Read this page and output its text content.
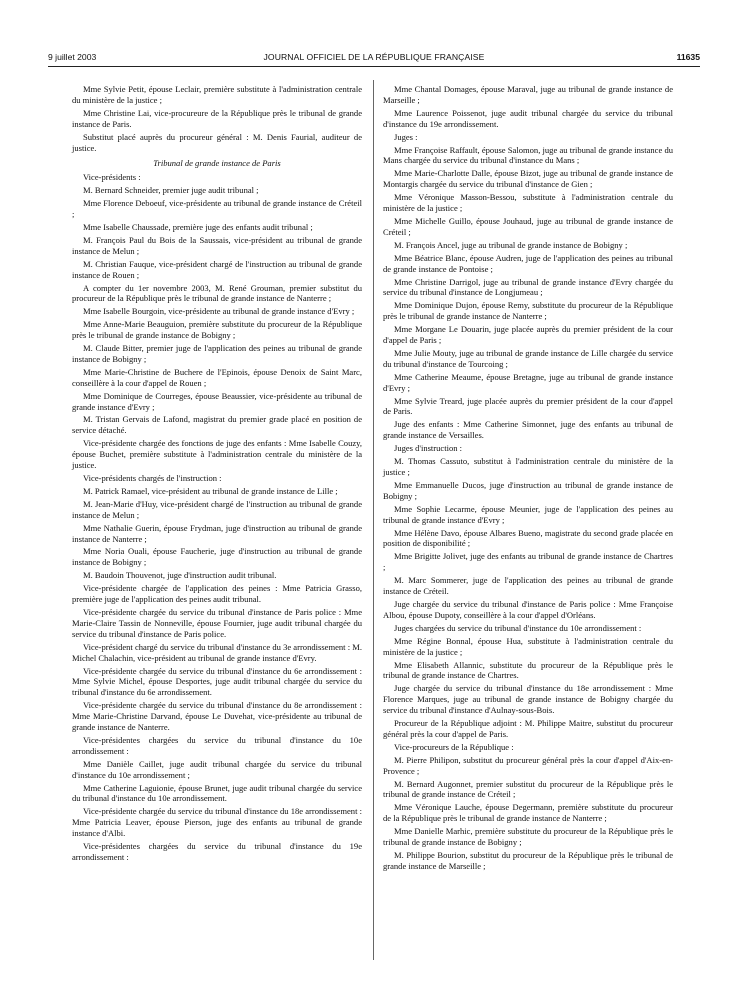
9 juillet 2003	JOURNAL OFFICIEL DE LA RÉPUBLIQUE FRANÇAISE	11635

Mme Sylvie Petit, épouse Leclair, première substitute à l'administration centrale du ministère de la justice ;

Mme Christine Lai, vice-procureure de la République près le tribunal de grande instance de Paris.

Substitut placé auprès du procureur général : M. Denis Faurial, auditeur de justice.

Tribunal de grande instance de Paris

Vice-présidents :

M. Bernard Schneider, premier juge audit tribunal ;

Mme Florence Deboeuf, vice-présidente au tribunal de grande instance de Créteil ;

Mme Isabelle Chaussade, première juge des enfants audit tribunal ;

M. François Paul du Bois de la Saussais, vice-président au tribunal de grande instance de Melun ;

M. Christian Fauque, vice-président chargé de l'instruction au tribunal de grande instance de Rouen ;

A compter du 1er novembre 2003, M. René Grouman, premier substitut du procureur de la République près le tribunal de grande instance de Nanterre ;

Mme Isabelle Bourgoin, vice-présidente au tribunal de grande instance d'Evry ;

Mme Anne-Marie Beauguion, première substitute du procureur de la République près le tribunal de grande instance de Bobigny ;

M. Claude Bitter, premier juge de l'application des peines au tribunal de grande instance de Bobigny ;

Mme Marie-Christine de Buchere de l'Epinois, épouse Denoix de Saint Marc, conseillère à la cour d'appel de Rouen ;

Mme Dominique de Courreges, épouse Beaussier, vice-présidente au tribunal de grande instance d'Evry ;

M. Tristan Gervais de Lafond, magistrat du premier grade placé en position de service détaché.

Vice-présidente chargée des fonctions de juge des enfants : Mme Isabelle Couzy, épouse Buchet, première substitute à l'administration centrale du ministère de la justice.

Vice-présidents chargés de l'instruction :

M. Patrick Ramael, vice-président au tribunal de grande instance de Lille ;

M. Jean-Marie d'Huy, vice-président chargé de l'instruction au tribunal de grande instance de Melun ;

Mme Nathalie Guerin, épouse Frydman, juge d'instruction au tribunal de grande instance de Nanterre ;

Mme Noria Ouali, épouse Faucherie, juge d'instruction au tribunal de grande instance de Bobigny ;

M. Baudoin Thouvenot, juge d'instruction audit tribunal.

Vice-présidente chargée de l'application des peines : Mme Patricia Grasso, première juge de l'application des peines audit tribunal.

Vice-présidente chargée du service du tribunal d'instance de Paris police : Mme Marie-Claire Tassin de Nonneville, épouse Fournier, juge audit tribunal chargée du service du tribunal d'instance de Paris police.

Vice-président chargé du service du tribunal d'instance du 3e arrondissement : M. Michel Chalachin, vice-président au tribunal de grande instance d'Evry.

Vice-présidente chargée du service du tribunal d'instance du 6e arrondissement : Mme Sylvie Michel, épouse Desportes, juge audit tribunal chargée du service du tribunal d'instance du 6e arrondissement.

Vice-présidente chargée du service du tribunal d'instance du 8e arrondissement : Mme Marie-Christine Darvand, épouse Le Duvehat, vice-présidente au tribunal de grande instance de Nanterre.

Vice-présidentes chargées du service du tribunal d'instance du 10e arrondissement :

Mme Danièle Caillet, juge audit tribunal chargée du service du tribunal d'instance du 10e arrondissement ;

Mme Catherine Laguionie, épouse Brunet, juge audit tribunal chargée du service du tribunal d'instance du 10e arrondissement.

Vice-présidente chargée du service du tribunal d'instance du 18e arrondissement : Mme Patricia Leaver, épouse Pierson, juge des enfants au tribunal de grande instance d'Albi.

Vice-présidentes chargées du service du tribunal d'instance du 19e arrondissement :

Mme Chantal Domages, épouse Maraval, juge au tribunal de grande instance de Marseille ;

Mme Laurence Poissenot, juge audit tribunal chargée du service du tribunal d'instance du 19e arrondissement.

Juges :

Mme Françoise Raffault, épouse Salomon, juge au tribunal de grande instance du Mans chargée du service du tribunal d'instance du Mans ;

Mme Marie-Charlotte Dalle, épouse Bizot, juge au tribunal de grande instance de Montargis chargée du service du tribunal d'instance de Gien ;

Mme Véronique Masson-Bessou, substitute à l'administration centrale du ministère de la justice ;

Mme Michelle Guillo, épouse Jouhaud, juge au tribunal de grande instance de Créteil ;

M. François Ancel, juge au tribunal de grande instance de Bobigny ;

Mme Béatrice Blanc, épouse Audren, juge de l'application des peines au tribunal de grande instance de Pontoise ;

Mme Christine Darrigol, juge au tribunal de grande instance d'Evry chargée du service du tribunal d'instance de Longjumeau ;

Mme Dominique Dujon, épouse Remy, substitute du procureur de la République près le tribunal de grande instance de Nanterre ;

Mme Morgane Le Douarin, juge placée auprès du premier président de la cour d'appel de Paris ;

Mme Julie Mouty, juge au tribunal de grande instance de Lille chargée du service du tribunal d'instance de Tourcoing ;

Mme Catherine Meaume, épouse Bretagne, juge au tribunal de grande instance d'Evry ;

Mme Sylvie Treard, juge placée auprès du premier président de la cour d'appel de Paris.

Juge des enfants : Mme Catherine Simonnet, juge des enfants au tribunal de grande instance de Versailles.

Juges d'instruction :

M. Thomas Cassuto, substitut à l'administration centrale du ministère de la justice ;

Mme Emmanuelle Ducos, juge d'instruction au tribunal de grande instance de Bobigny ;

Mme Sophie Lecarme, épouse Meunier, juge de l'application des peines au tribunal de grande instance d'Evry ;

Mme Hélène Davo, épouse Albares Bueno, magistrate du second grade placée en position de disponibilité ;

Mme Brigitte Jolivet, juge des enfants au tribunal de grande instance de Chartres ;

M. Marc Sommerer, juge de l'application des peines au tribunal de grande instance de Créteil.

Juge chargée du service du tribunal d'instance de Paris police : Mme Françoise Albou, épouse Dupoty, conseillère à la cour d'appel d'Orléans.

Juges chargées du service du tribunal d'instance du 10e arrondissement :

Mme Régine Bonnal, épouse Hua, substitute à l'administration centrale du ministère de la justice ;

Mme Elisabeth Allannic, substitute du procureur de la République près le tribunal de grande instance de Chartres.

Juge chargée du service du tribunal d'instance du 18e arrondissement : Mme Florence Marques, juge au tribunal de grande instance de Bobigny chargée du service du tribunal d'instance d'Aulnay-sous-Bois.

Procureur de la République adjoint : M. Philippe Maitre, substitut du procureur général près la cour d'appel de Paris.

Vice-procureurs de la République :

M. Pierre Philipon, substitut du procureur général près la cour d'appel d'Aix-en-Provence ;

M. Bernard Augonnet, premier substitut du procureur de la République près le tribunal de grande instance de Créteil ;

Mme Véronique Lauche, épouse Degermann, première substitute du procureur de la République près le tribunal de grande instance de Nanterre ;

Mme Danielle Marhic, première substitute du procureur de la République près le tribunal de grande instance de Bobigny ;

M. Philippe Bourion, substitut du procureur de la République près le tribunal de grande instance de Marseille ;
